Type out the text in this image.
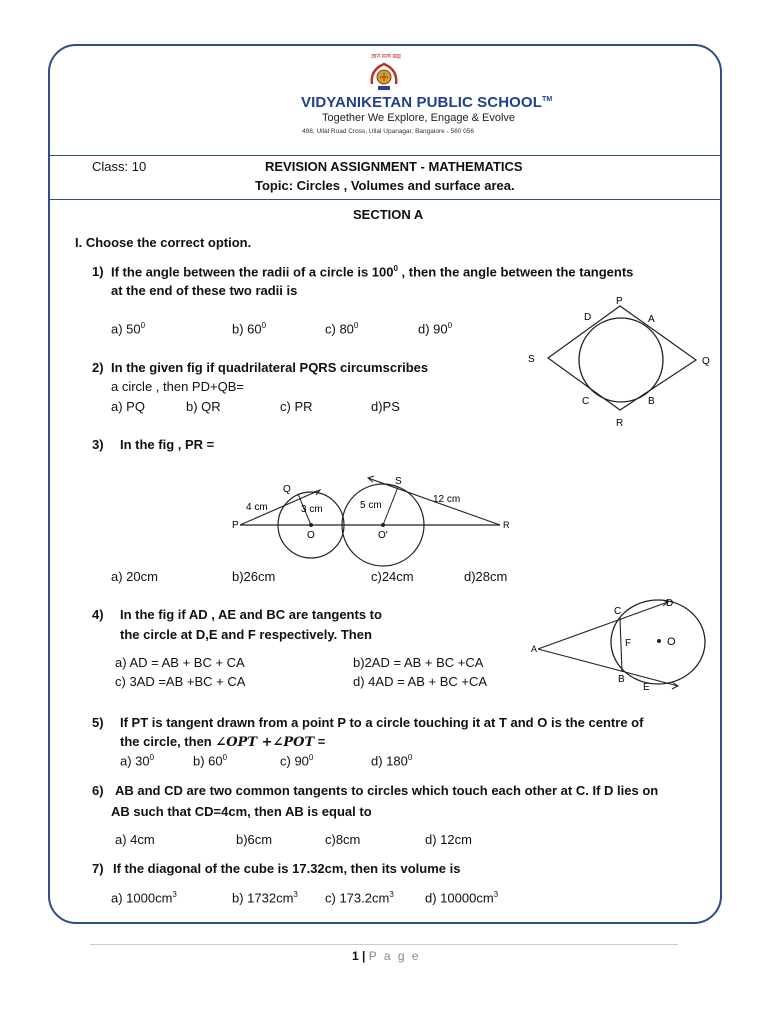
ज्ञानं सत्यं ब्रह्म
VIDYANIKETAN PUBLIC SCHOOL™
Together We Explore, Engage & Evolve
498, Ullal Road Cross, Ullal Upanagar, Bangalore - 560 056
Class: 10	REVISION ASSIGNMENT - MATHEMATICS
Topic: Circles , Volumes and surface area.
SECTION A
I. Choose the correct option.
1) If the angle between the radii of a circle is $100^0$ , then the angle between the tangents
at the end of these two radii is
a) $50^0$	b) $60^0$	c) $80^0$	d) $90^0$
P
A
D
S	Q
C	B
R
2) In the given fig if quadrilateral PQRS circumscribes
a circle , then PD+QB=
a) PQ	b) QR	c) PR	d)PS
3) In the fig , PR =
Q
S
4 cm	3 cm	5 cm
12 cm
P
O	O′
R
a) 20cm	b)26cm	c)24cm	d)28cm
4) In the fig if AD , AE and BC are tangents to
the circle at D,E and F respectively. Then
C
D
F	O
A
B
E
a) AD = AB + BC + CA	b)2AD = AB + BC +CA
c) 3AD =AB +BC + CA	d) 4AD = AB + BC +CA
5) If PT is tangent drawn from a point P to a circle touching it at T and O is the centre of
the circle, then ∠OPT +∠POT =
a) $30^0$	b) $60^0$	c) $90^0$	d) $180^0$
6) AB and CD are two common tangents to circles which touch each other at C. If D lies on
AB such that CD=4cm, then AB is equal to
a) 4cm	b)6cm	c)8cm	d) 12cm
7) If the diagonal of the cube is 17.32cm, then its volume is
a) $1000cm^3$	b) $1732cm^3$ c) $173.2cm^3$ d) $10000cm^3$
1 | P a g e
